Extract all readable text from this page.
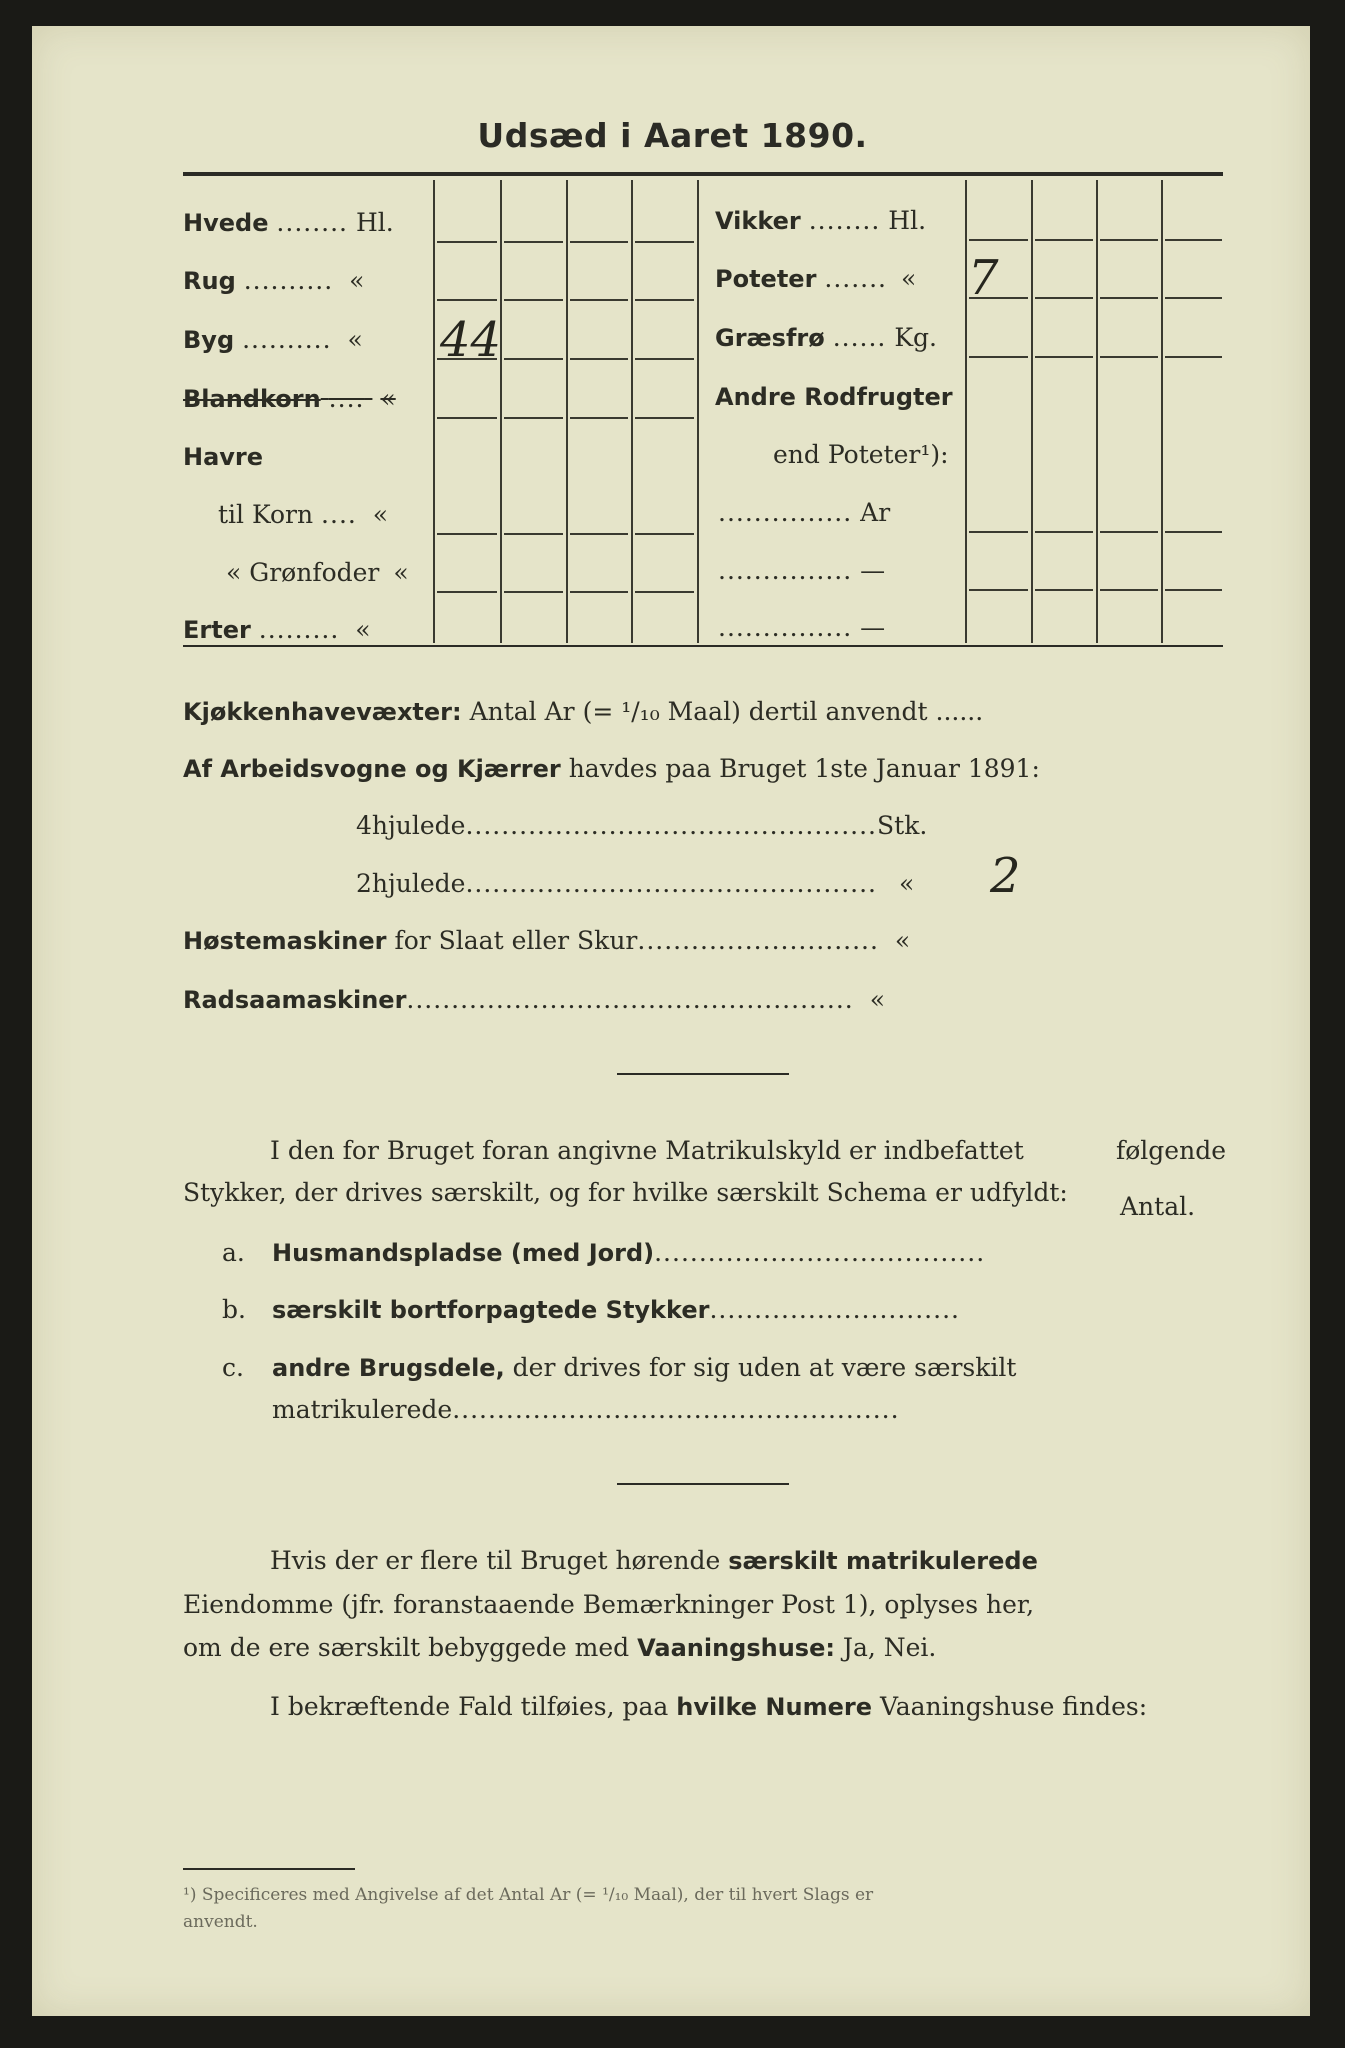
Udsæd i Aaret 1890.
Hvede ........ Hl.
Rug .......... «
Byg .......... «
Blandkorn .... «
Havre
til Korn .... «
« Grønfoder «
Erter ......... «
44
Vikker ........ Hl.
Poteter ....... «
Græsfrø ...... Kg.
Andre Rodfrugter
end Poteter¹):
............... Ar
............... —
............... —
7
Kjøkkenhavevæxter: Antal Ar (= ¹/₁₀ Maal) dertil anvendt ......
Af Arbeidsvogne og Kjærrer havdes paa Bruget 1ste Januar 1891:
4hjulede..............................................Stk.
2hjulede.............................................. « 2
Høstemaskiner for Slaat eller Skur........................... «
Radsaamaskiner.................................................. «
I den for Bruget foran angivne Matrikulskyld er indbefattet	følgende
Stykker, der drives særskilt, og for hvilke særskilt Schema er udfyldt: Antal.
a. Husmandspladse (med Jord).....................................
b. særskilt bortforpagtede Stykker............................
c. andre Brugsdele, der drives for sig uden at være særskilt
matrikulerede..................................................
Hvis der er flere til Bruget hørende særskilt matrikulerede
Eiendomme (jfr. foranstaaende Bemærkninger Post 1), oplyses her,
om de ere særskilt bebyggede med Vaaningshuse: Ja, Nei.
I bekræftende Fald tilføies, paa hvilke Numere Vaaningshuse findes:
¹) Specificeres med Angivelse af det Antal Ar (= ¹/₁₀ Maal), der til hvert Slags er
anvendt.
